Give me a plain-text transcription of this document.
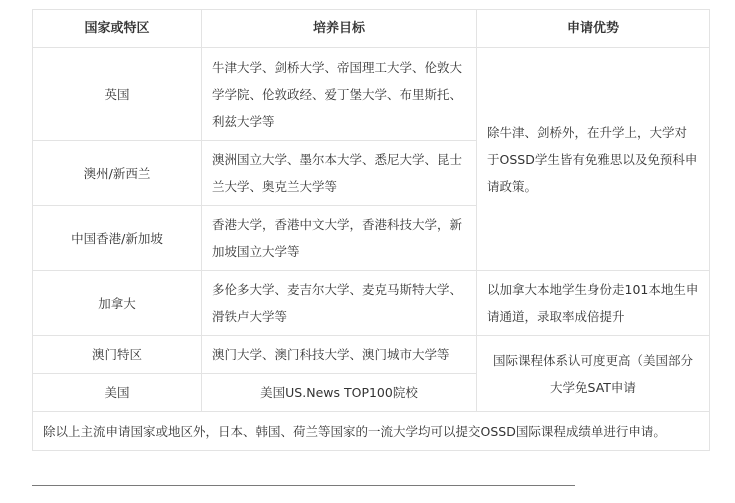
国家或特区	培养目标	申请优势
英国	牛津大学、剑桥大学、帝国理工大学、伦敦大学学院、伦敦政经、爱丁堡大学、布里斯托、利兹大学等	除牛津、剑桥外，在升学上，大学对于OSSD学生皆有免雅思以及免预科申请政策。
澳州/新西兰	澳洲国立大学、墨尔本大学、悉尼大学、昆士兰大学、奥克兰大学等	
中国香港/新加坡	香港大学，香港中文大学，香港科技大学，新加坡国立大学等	
加拿大	多伦多大学、麦吉尔大学、麦克马斯特大学、滑铁卢大学等	以加拿大本地学生身份走101本地生申请通道，录取率成倍提升
澳门特区	澳门大学、澳门科技大学、澳门城市大学等	国际课程体系认可度更高（美国部分大学免SAT申请
美国	美国US.News TOP100院校	
除以上主流申请国家或地区外，日本、韩国、荷兰等国家的一流大学均可以提交OSSD国际课程成绩单进行申请。		
